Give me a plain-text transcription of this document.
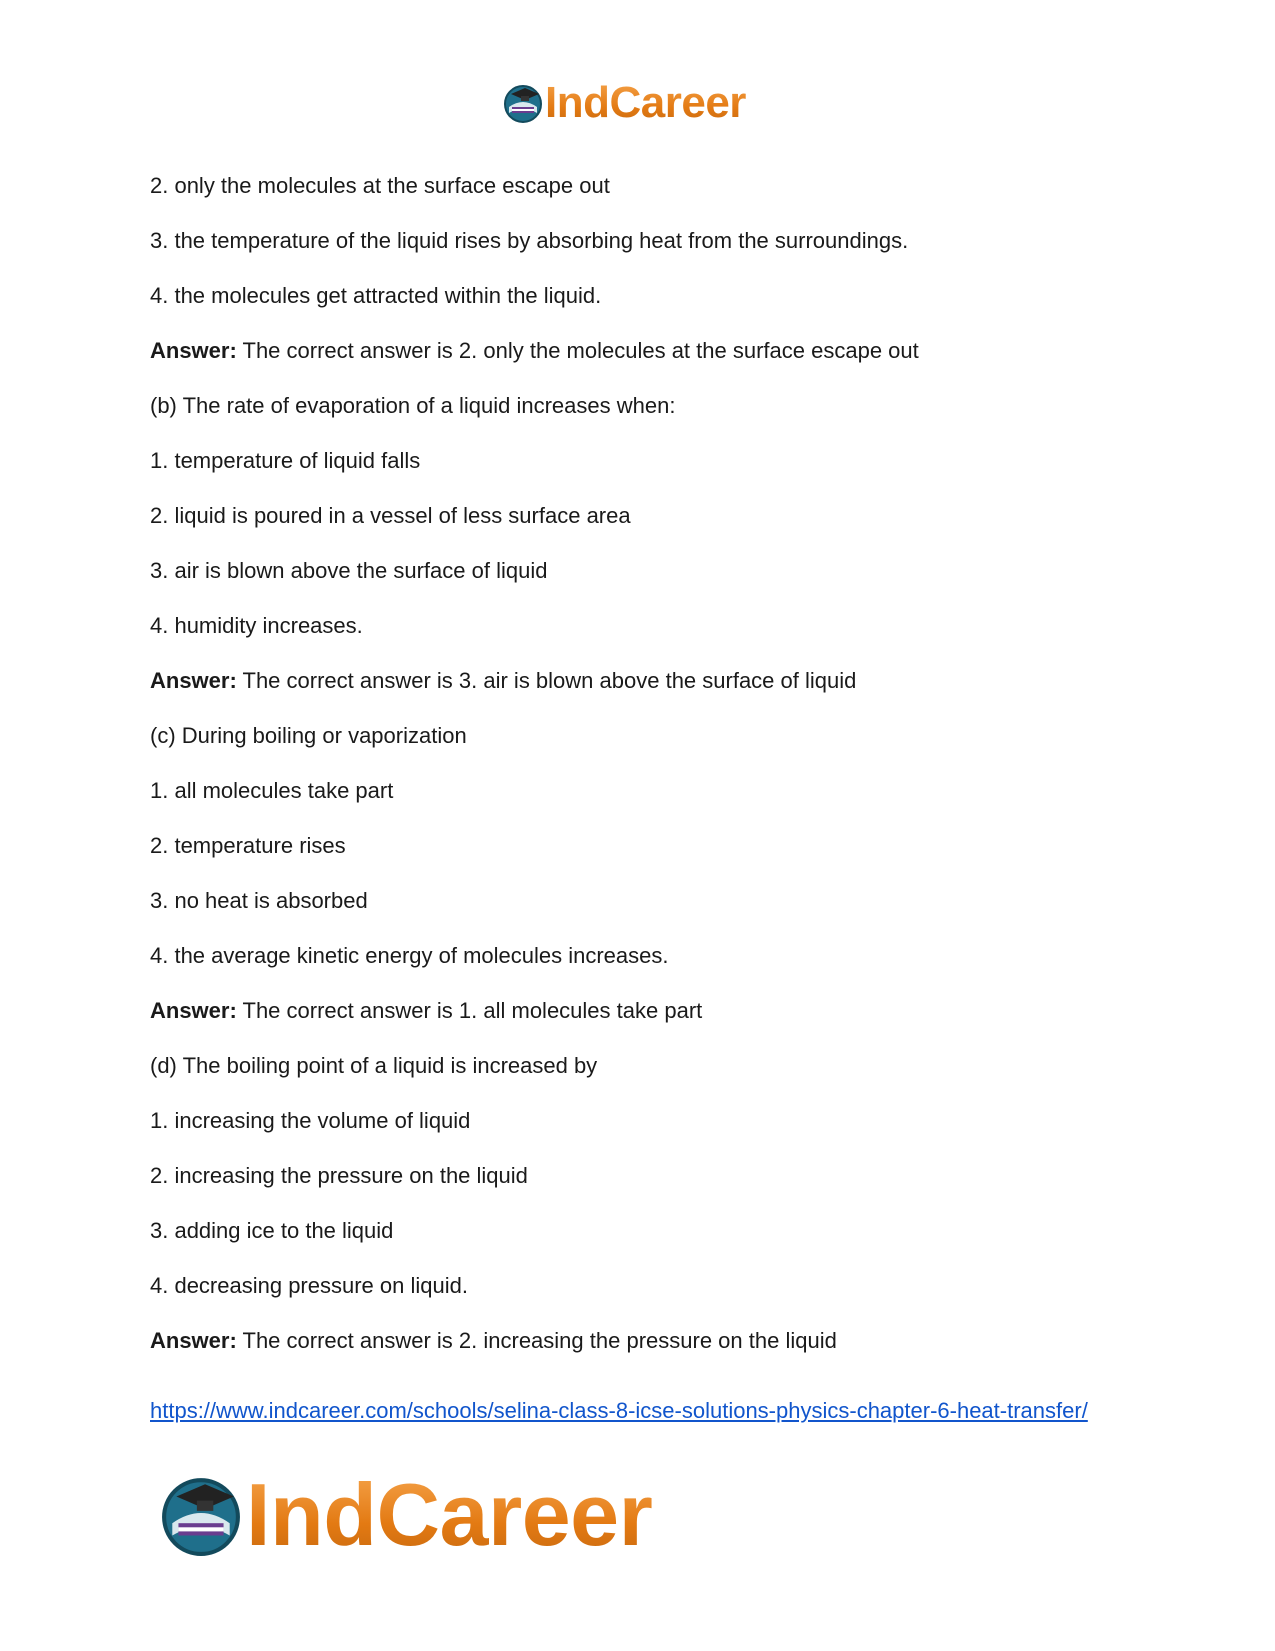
IndCareer
2. only the molecules at the surface escape out
3. the temperature of the liquid rises by absorbing heat from the surroundings.
4. the molecules get attracted within the liquid.
Answer: The correct answer is 2. only the molecules at the surface escape out
(b) The rate of evaporation of a liquid increases when:
1. temperature of liquid falls
2. liquid is poured in a vessel of less surface area
3. air is blown above the surface of liquid
4. humidity increases.
Answer: The correct answer is 3. air is blown above the surface of liquid
(c) During boiling or vaporization
1. all molecules take part
2. temperature rises
3. no heat is absorbed
4. the average kinetic energy of molecules increases.
Answer: The correct answer is 1. all molecules take part
(d) The boiling point of a liquid is increased by
1. increasing the volume of liquid
2. increasing the pressure on the liquid
3. adding ice to the liquid
4. decreasing pressure on liquid.
Answer: The correct answer is 2. increasing the pressure on the liquid
https://www.indcareer.com/schools/selina-class-8-icse-solutions-physics-chapter-6-heat-transfer/
IndCareer
